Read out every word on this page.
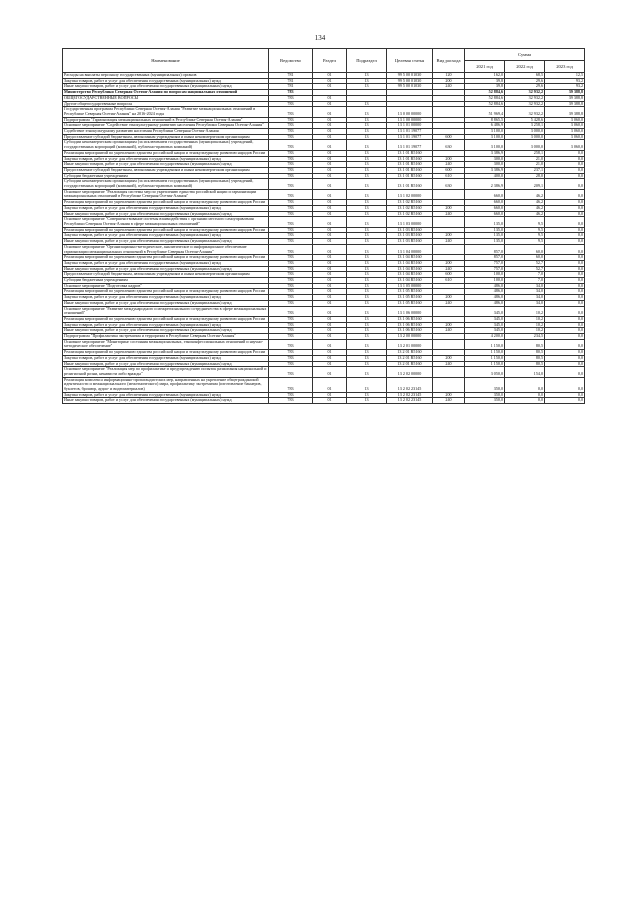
134
Наименование	Ведомство	Раздел	Подраздел	Целевая статья	Вид расхода	Сумма		
						2021 год	2022 год	2023 год
Расходы на выплаты персоналу государственных (муниципальных) органов	781	01	13	99 5 00 01030	120	162,0	68,5	12,5
Закупка товаров, работ и услуг для обеспечения государственных (муниципальных) нужд	781	01	13	99 5 00 01030	200	39,8	29,6	93,2
Иные закупки товаров, работ и услуг для обеспечения государственных (муниципальных) нужд	781	01	13	99 5 00 01030	240	39,8	29,6	93,2
Министерство Республики Северная Осетия-Алания по вопросам национальных отношений	783					52 884,6	32 932,2	39 388,8
ОБЩЕГОСУДАРСТВЕННЫЕ ВОПРОСЫ	783	01				52 884,6	32 932,2	39 388,8
Другие общегосударственные вопросы	783	01	13			52 884,6	32 932,2	39 388,8
Государственная программа Республики Северная Осетия-Алания "Развитие межнациональных отношений в Республике Северная Осетия-Алания" на 2016-2024 годы	783	01	13	13 0 00 00000		51 969,4	32 932,2	39 388,8
Подпрограмма "Гармонизация межнациональных отношений в Республике Северная Осетия-Алания"	783	01	13	13 1 00 00000		8 865,5	5 428,6	3 060,0
Основное мероприятие "Содействие этнокультурному развитию населения Республики Северная Осетия-Алания"	783	01	13	13 1 01 00000		6 486,9	3 258,1	3 060,0
Содействие этнокультурному развитию населения Республики Северная Осетия-Алания	783	01	13	13 1 01 19077		3 100,0	3 000,0	3 060,0
Предоставление субсидий бюджетным, автономным учреждениям и иным некоммерческим организациям	783	01	13	13 1 01 19077	600	3 100,0	3 000,0	3 060,0
Субсидии некоммерческим организациям (за исключением государственных (муниципальных) учреждений, государственных корпораций (компаний), публично-правовых компаний)	783	01	13	13 1 01 19077	630	3 100,0	3 000,0	3 060,0
Реализация мероприятий по укреплению единства российской нации и этнокультурному развитию народов России	783	01	13	13 1 01 R5160		3 386,9	258,1	0,0
Закупка товаров, работ и услуг для обеспечения государственных (муниципальных) нужд	783	01	13	13 1 01 R5160	200	300,0	21,0	0,0
Иные закупки товаров, работ и услуг для обеспечения государственных (муниципальных) нужд	783	01	13	13 1 01 R5160	240	300,0	21,0	0,0
Предоставление субсидий бюджетным, автономным учреждениям и иным некоммерческим организациям	783	01	13	13 1 01 R5160	600	3 386,9	237,1	0,0
Субсидии бюджетным учреждениям	783	01	13	13 1 01 R5160	610	400,0	28,0	0,0
Субсидии некоммерческим организациям (за исключением государственных (муниципальных) учреждений, государственных корпораций (компаний), публично-правовых компаний)	783	01	13	13 1 01 R5160	630	2 386,9	209,1	0,0
Основное мероприятие "Реализация системы мер по укреплению единства российской нации и гармонизации межнациональных отношений в Республике Северная Осетия-Алания"	783	01	13	13 1 02 00000		660,0	46,2	0,0
Реализация мероприятий по укреплению единства российской нации и этнокультурному развитию народов России	783	01	13	13 1 02 R5160		660,0	46,2	0,0
Закупка товаров, работ и услуг для обеспечения государственных (муниципальных) нужд	783	01	13	13 1 02 R5160	200	660,0	46,2	0,0
Иные закупки товаров, работ и услуг для обеспечения государственных (муниципальных) нужд	783	01	13	13 1 02 R5160	240	660,0	46,2	0,0
Основное мероприятие "Совершенствование системы взаимодействия с органами местного самоуправления Республики Северная Осетия-Алания в сфере межнациональных отношений"	783	01	13	13 1 03 00000		135,0	9,5	0,0
Реализация мероприятий по укреплению единства российской нации и этнокультурному развитию народов России	783	01	13	13 1 03 R5160		135,0	9,5	0,0
Закупка товаров, работ и услуг для обеспечения государственных (муниципальных) нужд	783	01	13	13 1 03 R5160	200	135,0	9,5	0,0
Иные закупки товаров, работ и услуг для обеспечения государственных (муниципальных) нужд	783	01	13	13 1 03 R5160	240	135,0	9,5	0,0
Основное мероприятие "Организационно-методическое, аналитическое и информационное обеспечение гармонизации межнациональных отношений в Республике Северная Осетия-Алания"	783	01	13	13 1 04 00000		857,0	60,0	0,0
Реализация мероприятий по укреплению единства российской нации и этнокультурному развитию народов России	783	01	13	13 1 04 R5160		857,0	60,0	0,0
Закупка товаров, работ и услуг для обеспечения государственных (муниципальных) нужд	783	01	13	13 1 04 R5160	200	757,0	52,7	0,0
Иные закупки товаров, работ и услуг для обеспечения государственных (муниципальных) нужд	783	01	13	13 1 04 R5160	240	757,0	52,7	0,0
Предоставление субсидий бюджетным, автономным учреждениям и иным некоммерческим организациям	783	01	13	13 1 04 R5160	600	100,0	7,0	0,0
Субсидии бюджетным учреждениям	783	01	13	13 1 04 R5160	610	100,0	7,0	0,0
Основное мероприятие "Подготовка кадров"	783	01	13	13 1 05 00000		486,0	34,0	0,0
Реализация мероприятий по укреплению единства российской нации и этнокультурному развитию народов России	783	01	13	13 1 05 R5160		486,0	34,0	0,0
Закупка товаров, работ и услуг для обеспечения государственных (муниципальных) нужд	783	01	13	13 1 05 R5160	200	486,0	34,0	0,0
Иные закупки товаров, работ и услуг для обеспечения государственных (муниципальных) нужд	783	01	13	13 1 05 R5160	240	486,0	34,0	0,0
Основное мероприятие "Развитие международного и межрегионального сотрудничества в сфере межнациональных отношений"	783	01	13	13 1 06 00000		345,0	10,2	0,0
Реализация мероприятий по укреплению единства российской нации и этнокультурному развитию народов России	783	01	13	13 1 06 R5160		345,0	10,2	0,0
Закупка товаров, работ и услуг для обеспечения государственных (муниципальных) нужд	783	01	13	13 1 06 R5160	200	345,0	10,2	0,0
Иные закупки товаров, работ и услуг для обеспечения государственных (муниципальных) нужд	783	01	13	13 1 06 R5160	240	345,0	10,2	0,0
Подпрограмма "Профилактика экстремизма и терроризма в Республике Северная Осетия-Алания"	783	01	13	13 2 00 00000		4 200,0	234,5	0,0
Основное мероприятие "Мониторинг состояния межнациональных, этноконфессиональных отношений и научно-методическое обеспечение"	783	01	13	13 2 01 00000		1 150,0	80,5	0,0
Реализация мероприятий по укреплению единства российской нации и этнокультурному развитию народов России	783	01	13	13 2 01 R5160		1 150,0	80,5	0,0
Закупка товаров, работ и услуг для обеспечения государственных (муниципальных) нужд	783	01	13	13 2 01 R5160	200	1 150,0	80,5	0,0
Иные закупки товаров, работ и услуг для обеспечения государственных (муниципальных) нужд	783	01	13	13 2 01 R5160	240	1 150,0	80,5	0,0
Основное мероприятие "Реализация мер по профилактике и предупреждению попыток разжигания национальной и религиозной розни, ненависти либо вражды"	783	01	13	13 2 02 00000		3 050,0	154,0	0,0
Реализация комплекса информационно-пропагандистских мер, направленных на укрепление общегражданской идентичности и межнационального (межэтнического) мира, профилактику экстремизма (изготовление баннеров, буклетов, брошюр, аудио- и видеоматериалов)	783	01	13	13 2 02 23145		350,0	0,0	0,0
Закупка товаров, работ и услуг для обеспечения государственных (муниципальных) нужд	783	01	13	13 2 02 23145	200	350,0	0,0	0,0
Иные закупки товаров, работ и услуг для обеспечения государственных (муниципальных) нужд	783	01	13	13 2 02 23145	240	350,0	0,0	0,0
